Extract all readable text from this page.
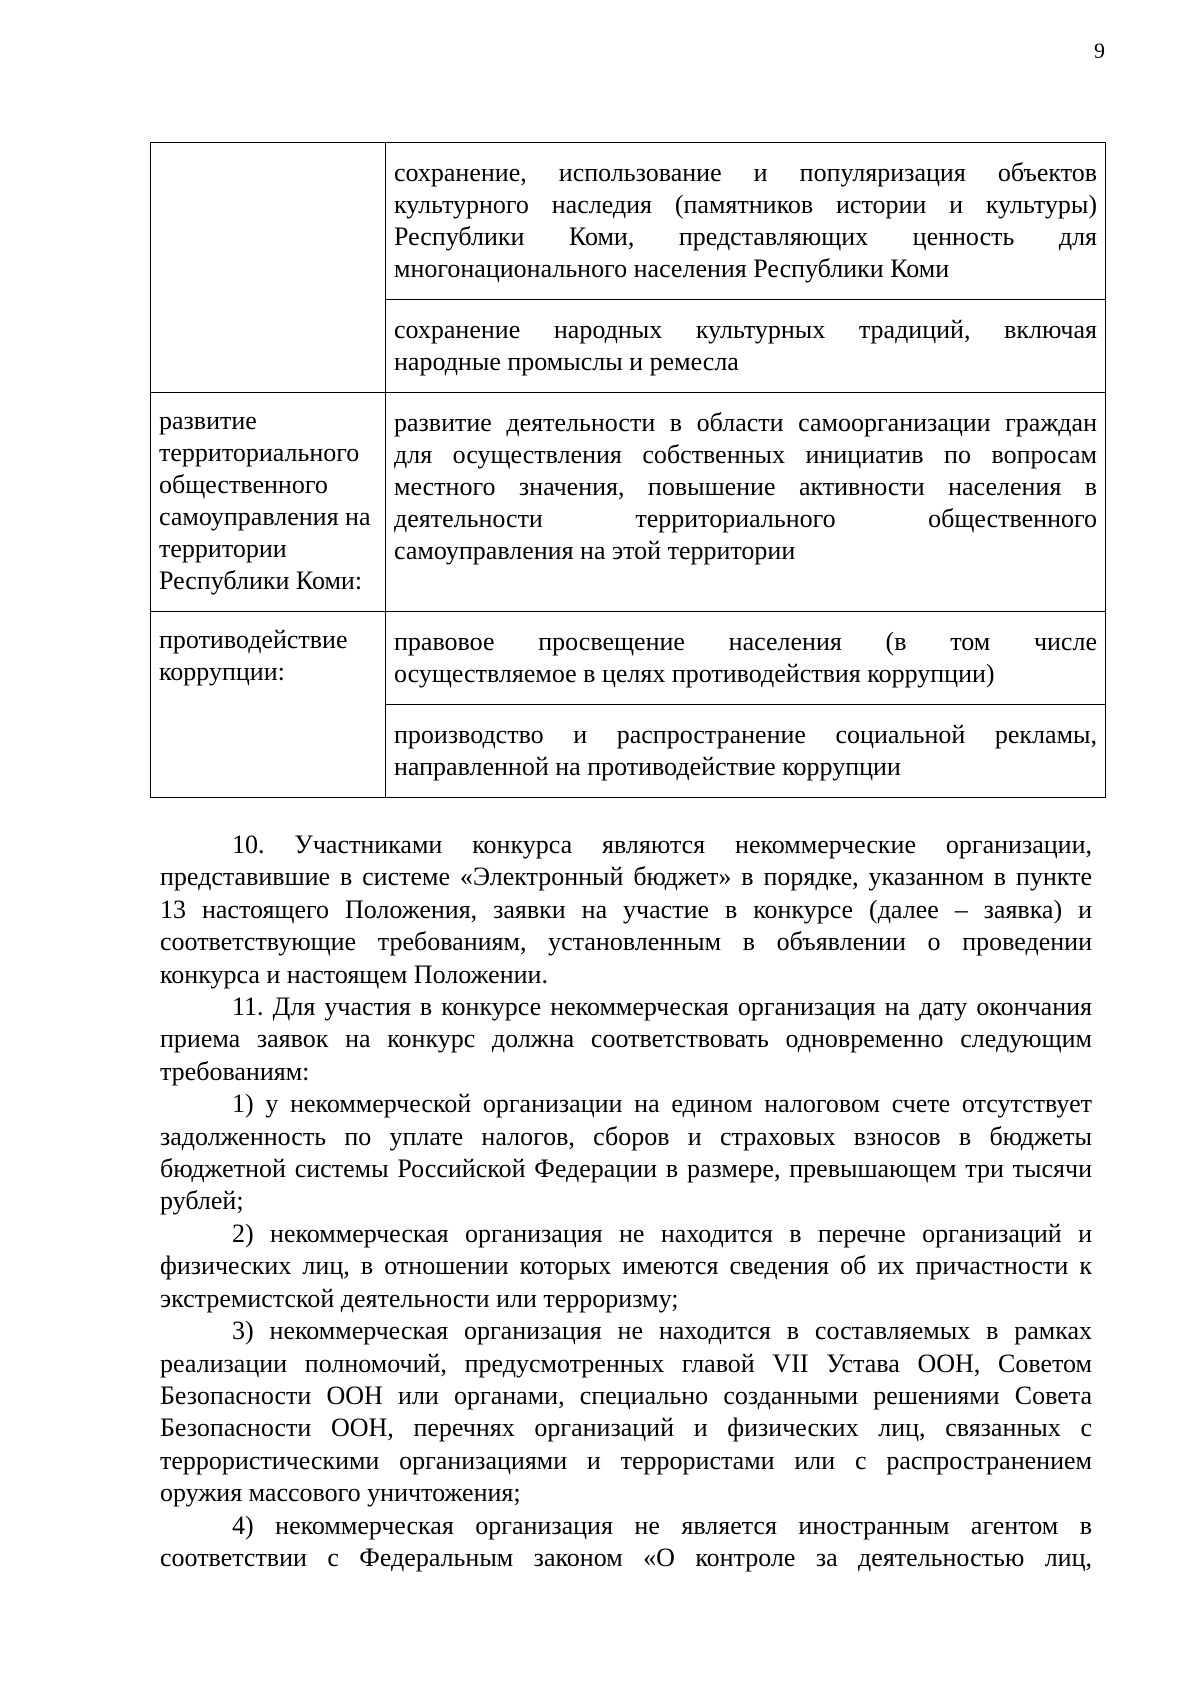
9
	сохранение, использование и популяризация объектов культурного наследия (памятников истории и культуры) Республики Коми, представляющих ценность для многонационального населения Республики Коми
	сохранение народных культурных традиций, включая народные промыслы и ремесла
развитие территориального общественного самоуправления на территории Республики Коми:	развитие деятельности в области самоорганизации граждан для осуществления собственных инициатив по вопросам местного значения, повышение активности населения в деятельности территориального общественного самоуправления на этой территории
противодействие коррупции:	правовое просвещение населения (в том числе осуществляемое в целях противодействия коррупции)
	производство и распространение социальной рекламы, направленной на противодействие коррупции

10. Участниками конкурса являются некоммерческие организации, представившие в системе «Электронный бюджет» в порядке, указанном в пункте 13 настоящего Положения, заявки на участие в конкурсе (далее – заявка) и соответствующие требованиям, установленным в объявлении о проведении конкурса и настоящем Положении.

11. Для участия в конкурсе некоммерческая организация на дату окончания приема заявок на конкурс должна соответствовать одновременно следующим требованиям:

1) у некоммерческой организации на едином налоговом счете отсутствует задолженность по уплате налогов, сборов и страховых взносов в бюджеты бюджетной системы Российской Федерации в размере, превышающем три тысячи рублей;

2) некоммерческая организация не находится в перечне организаций и физических лиц, в отношении которых имеются сведения об их причастности к экстремистской деятельности или терроризму;

3) некоммерческая организация не находится в составляемых в рамках реализации полномочий, предусмотренных главой VII Устава ООН, Советом Безопасности ООН или органами, специально созданными решениями Совета Безопасности ООН, перечнях организаций и физических лиц, связанных с террористическими организациями и террористами или с распространением оружия массового уничтожения;

4) некоммерческая организация не является иностранным агентом в соответствии с Федеральным законом «О контроле за деятельностью лиц,
